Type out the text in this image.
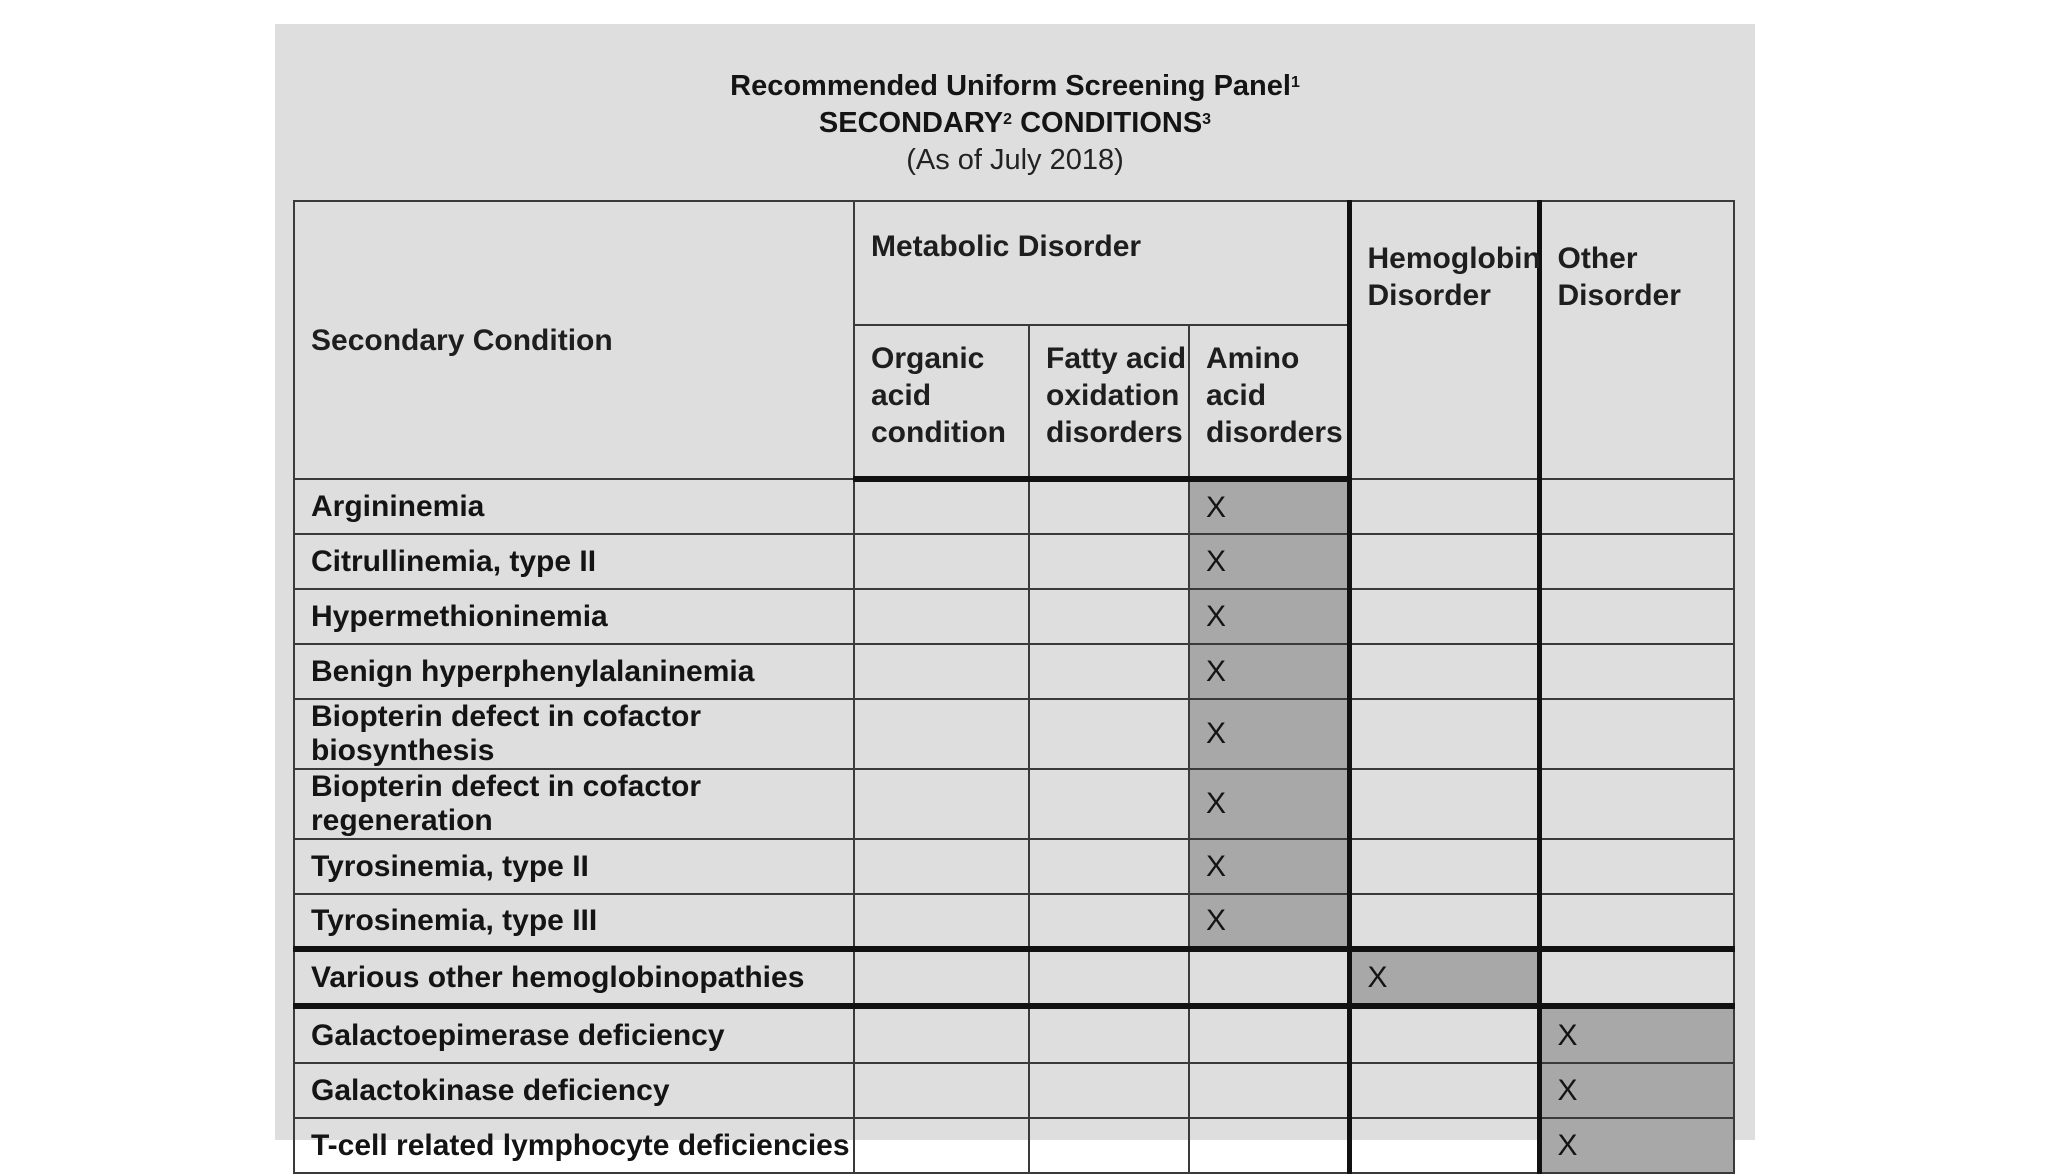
Recommended Uniform Screening Panel$^1$
SECONDARY$^2$ CONDITIONS$^3$
(As of July 2018)
Secondary Condition	Metabolic Disorder			Hemoglobin Disorder	Other Disorder
	Organic acid condition	Fatty acid oxidation disorders	Amino acid disorders		
Argininemia			X		
Citrullinemia, type II			X		
Hypermethioninemia			X		
Benign hyperphenylalaninemia			X		
Biopterin defect in cofactor biosynthesis			X		
Biopterin defect in cofactor regeneration			X		
Tyrosinemia, type II			X		
Tyrosinemia, type III			X		
Various other hemoglobinopathies				X	
Galactoepimerase deficiency					X
Galactokinase deficiency					X
T-cell related lymphocyte deficiencies					X
